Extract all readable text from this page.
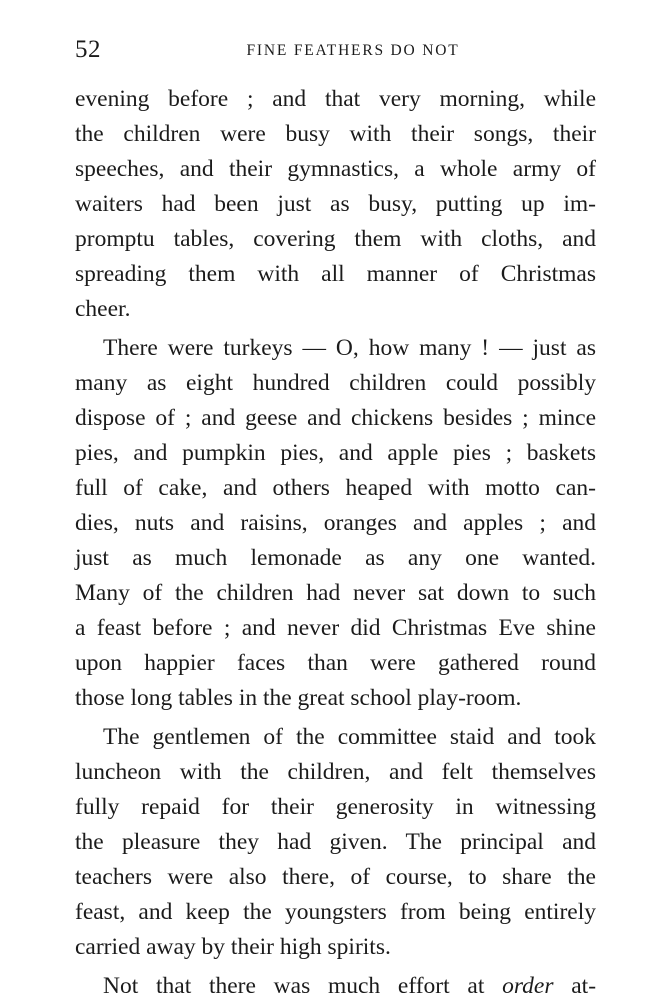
52	FINE FEATHERS DO NOT
evening before ; and that very morning, while
the children were busy with their songs, their
speeches, and their gymnastics, a whole army of
waiters had been just as busy, putting up im-
promptu tables, covering them with cloths, and
spreading them with all manner of Christmas
cheer.
There were turkeys — O, how many ! — just as
many as eight hundred children could possibly
dispose of ; and geese and chickens besides ; mince
pies, and pumpkin pies, and apple pies ; baskets
full of cake, and others heaped with motto can-
dies, nuts and raisins, oranges and apples ; and
just as much lemonade as any one wanted.
Many of the children had never sat down to such
a feast before ; and never did Christmas Eve shine
upon happier faces than were gathered round
those long tables in the great school play-room.
The gentlemen of the committee staid and took
luncheon with the children, and felt themselves
fully repaid for their generosity in witnessing
the pleasure they had given. The principal and
teachers were also there, of course, to share the
feast, and keep the youngsters from being entirely
carried away by their high spirits.
Not that there was much effort at order at-
